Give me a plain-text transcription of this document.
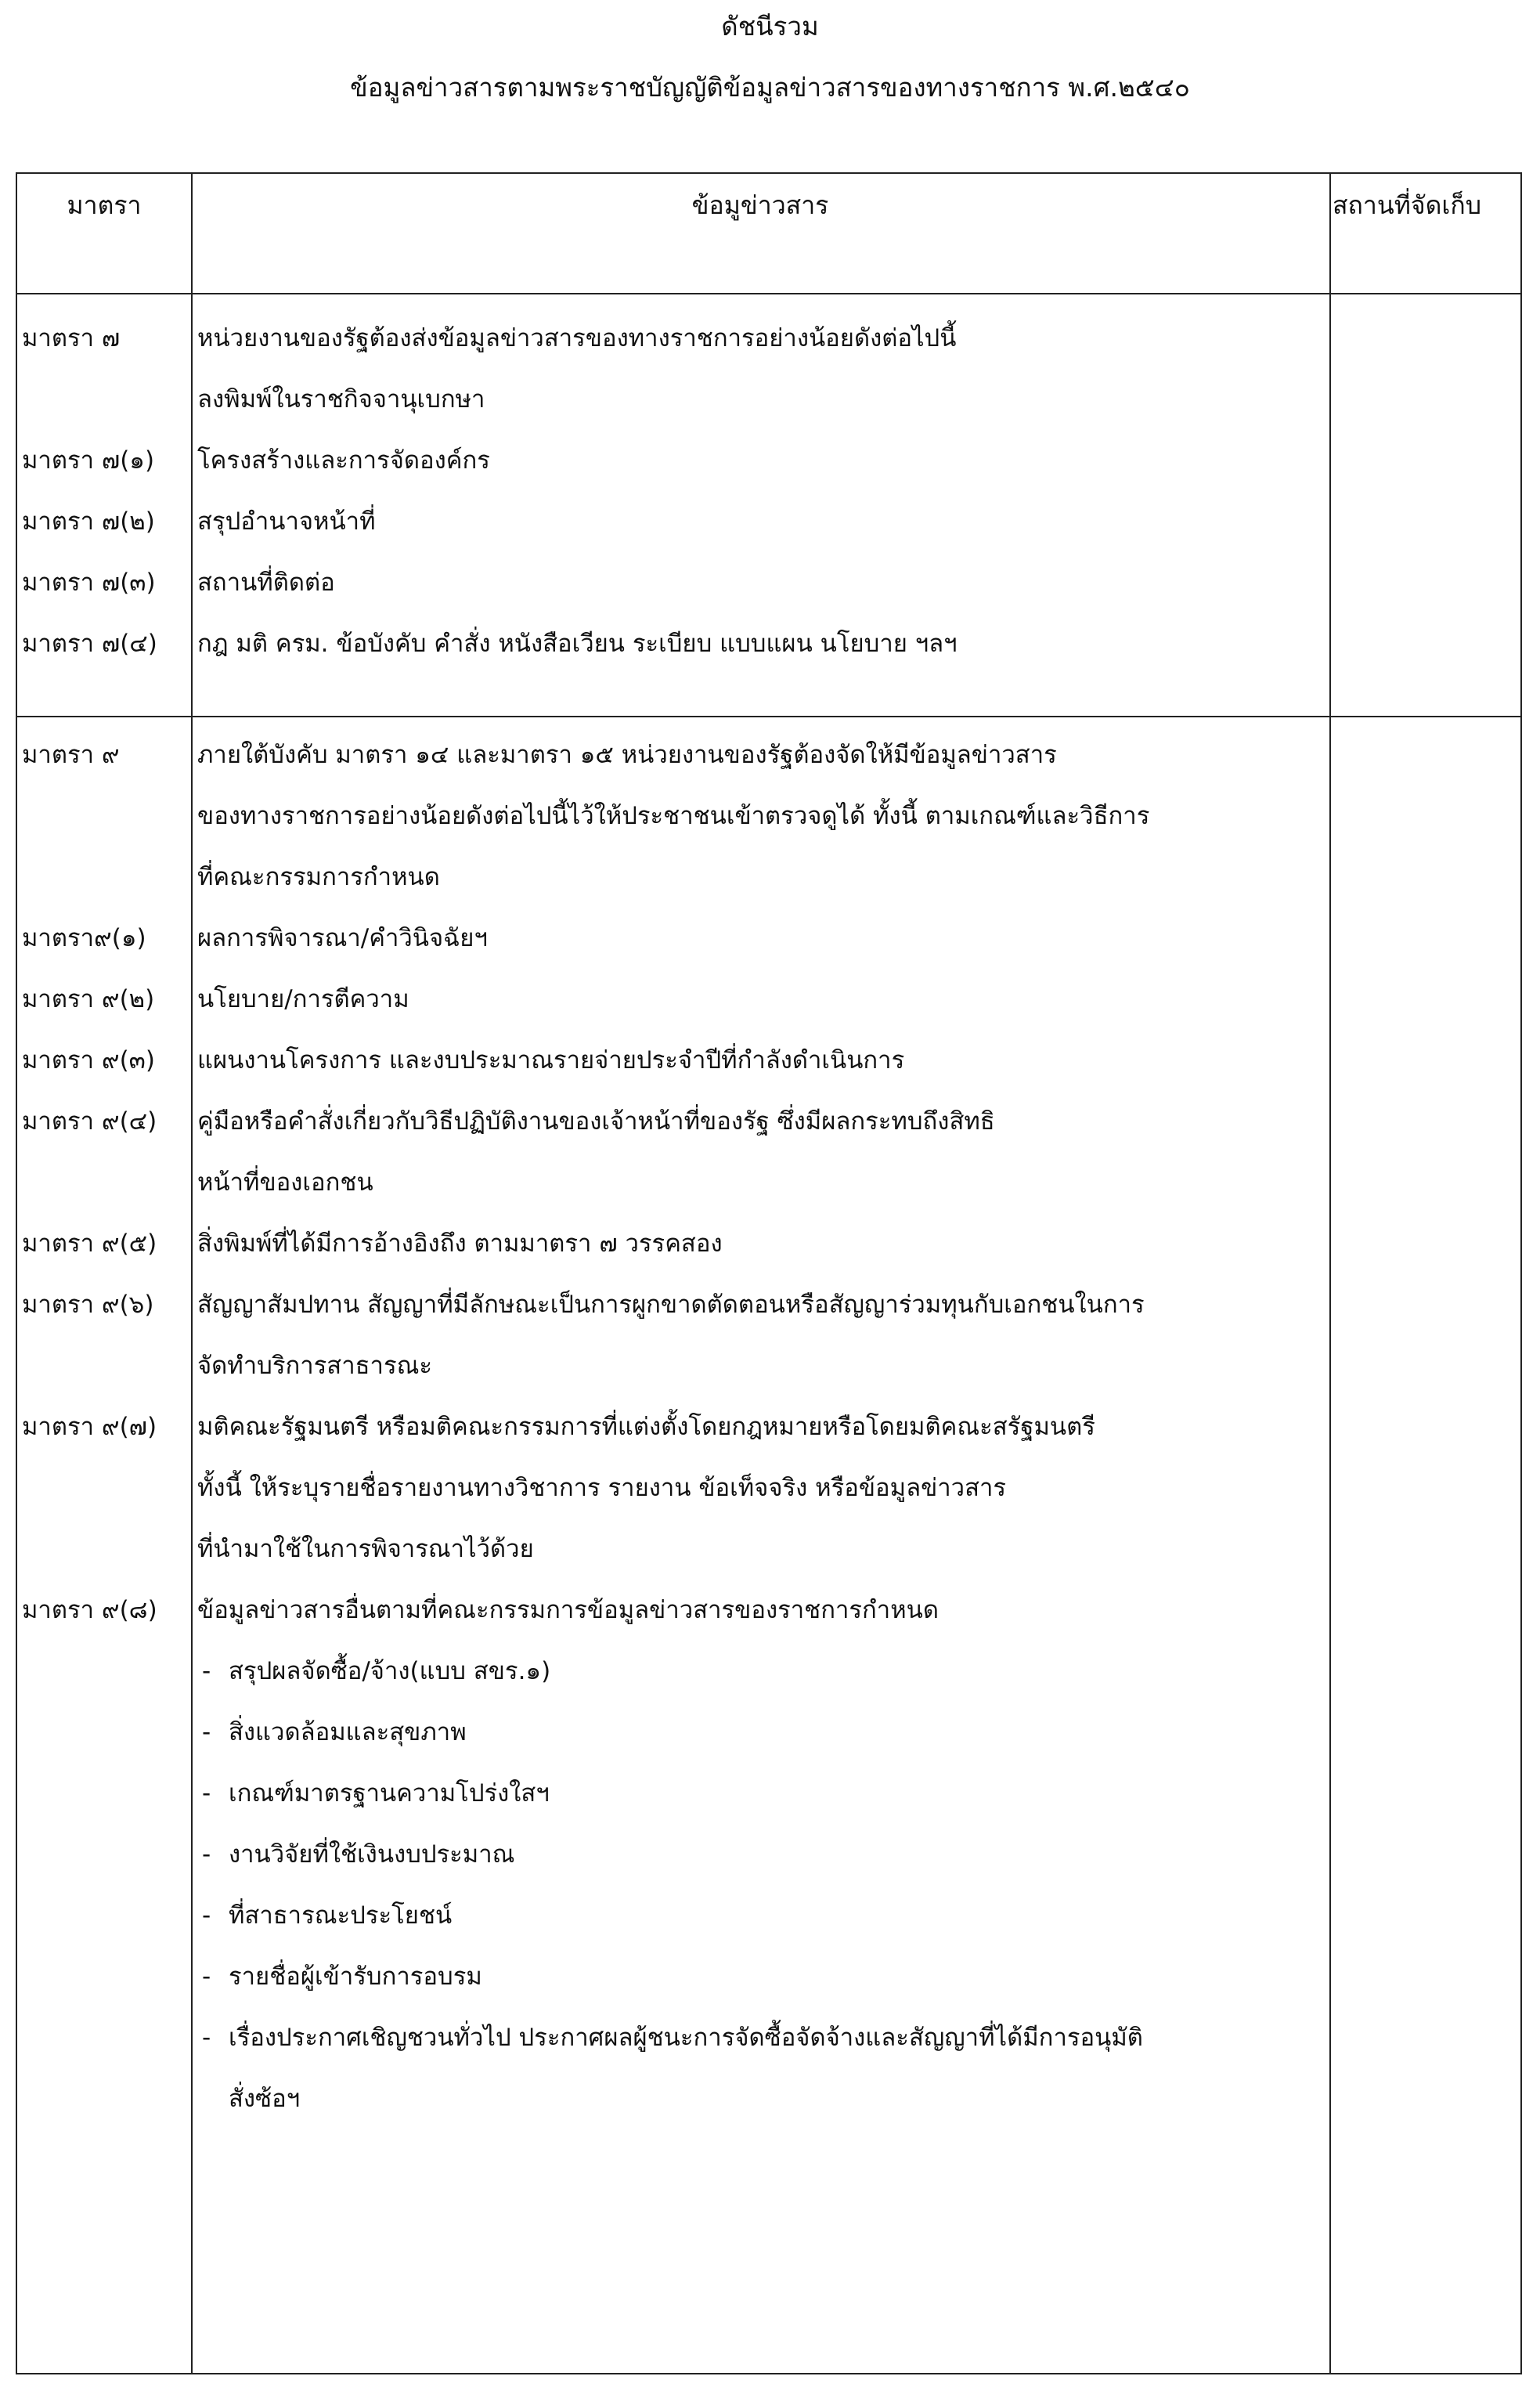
ดัชนีรวม
ข้อมูลข่าวสารตามพระราชบัญญัติข้อมูลข่าวสารของทางราชการ พ.ศ.๒๕๔๐
มาตรา	ข้อมูข่าวสาร	สถานที่จัดเก็บ
มาตรา ๗	หน่วยงานของรัฐต้องส่งข้อมูลข่าวสารของทางราชการอย่างน้อยดังต่อไปนี้
ลงพิมพ์ในราชกิจจานุเบกษา
มาตรา ๗(๑) โครงสร้างและการจัดองค์กร
มาตรา ๗(๒) สรุปอำนาจหน้าที่
มาตรา ๗(๓) สถานที่ติดต่อ
มาตรา ๗(๔) กฎ มติ ครม. ข้อบังคับ คำสั่ง หนังสือเวียน ระเบียบ แบบแผน นโยบาย ฯลฯ
มาตรา ๙	ภายใต้บังคับ มาตรา ๑๔ และมาตรา ๑๕ หน่วยงานของรัฐต้องจัดให้มีข้อมูลข่าวสาร
ของทางราชการอย่างน้อยดังต่อไปนี้ไว้ให้ประชาชนเข้าตรวจดูได้ ทั้งนี้ ตามเกณฑ์และวิธีการ
ที่คณะกรรมการกำหนด
มาตรา๙(๑) ผลการพิจารณา/คำวินิจฉัยฯ
มาตรา ๙(๒) นโยบาย/การตีความ
มาตรา ๙(๓) แผนงานโครงการ และงบประมาณรายจ่ายประจำปีที่กำลังดำเนินการ
มาตรา ๙(๔) คู่มือหรือคำสั่งเกี่ยวกับวิธีปฏิบัติงานของเจ้าหน้าที่ของรัฐ ซึ่งมีผลกระทบถึงสิทธิ
หน้าที่ของเอกชน
มาตรา ๙(๕) สิ่งพิมพ์ที่ได้มีการอ้างอิงถึง ตามมาตรา ๗ วรรคสอง
มาตรา ๙(๖) สัญญาสัมปทาน สัญญาที่มีลักษณะเป็นการผูกขาดตัดตอนหรือสัญญาร่วมทุนกับเอกชนในการ
จัดทำบริการสาธารณะ
มาตรา ๙(๗) มติคณะรัฐมนตรี หรือมติคณะกรรมการที่แต่งตั้งโดยกฎหมายหรือโดยมติคณะสรัฐมนตรี
ทั้งนี้ ให้ระบุรายชื่อรายงานทางวิชาการ รายงาน ข้อเท็จจริง หรือข้อมูลข่าวสาร
ที่นำมาใช้ในการพิจารณาไว้ด้วย
มาตรา ๙(๘) ข้อมูลข่าวสารอื่นตามที่คณะกรรมการข้อมูลข่าวสารของราชการกำหนด
- สรุปผลจัดซื้อ/จ้าง(แบบ สขร.๑)
- สิ่งแวดล้อมและสุขภาพ
- เกณฑ์มาตรฐานความโปร่งใสฯ
- งานวิจัยที่ใช้เงินงบประมาณ
- ที่สาธารณะประโยชน์
- รายชื่อผู้เข้ารับการอบรม
- เรื่องประกาศเชิญชวนทั่วไป ประกาศผลผู้ชนะการจัดซื้อจัดจ้างและสัญญาที่ได้มีการอนุมัติ
สั่งซ้อฯ
